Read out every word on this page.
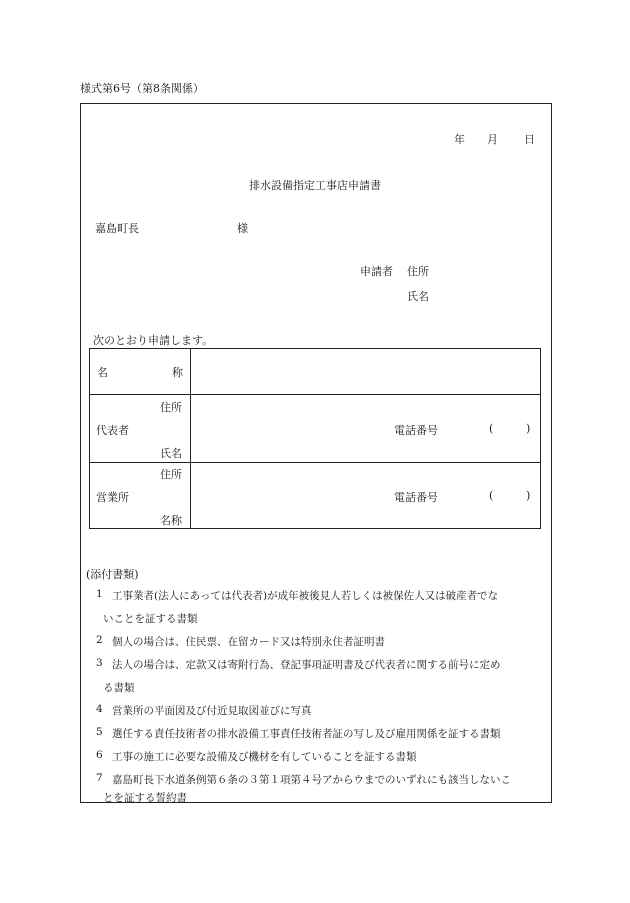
様式第6号（第8条関係）
年 月 日
排水設備指定工事店申請書
嘉島町長	様
申請者 住所
氏名
次のとおり申請します。
名	称
住所
代表者
氏名
電話番号	(	)
住所
営業所
名称
電話番号	(	)
(添付書類)
1 工事業者(法人にあっては代表者)が成年被後見人若しくは被保佐人又は破産者でな
いことを証する書類
2 個人の場合は、住民票、在留カード又は特別永住者証明書
3 法人の場合は、定款又は寄附行為、登記事項証明書及び代表者に関する前号に定め
る書類
4 営業所の平面図及び付近見取図並びに写真
5 選任する責任技術者の排水設備工事責任技術者証の写し及び雇用関係を証する書類
6 工事の施工に必要な設備及び機材を有していることを証する書類
7 嘉島町長下水道条例第６条の３第１項第４号アからウまでのいずれにも該当しないこ
とを証する誓約書
